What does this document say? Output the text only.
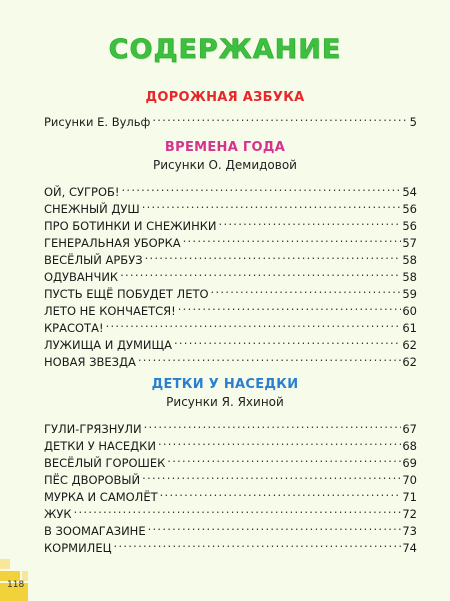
СОДЕРЖАНИЕ
ДОРОЖНАЯ АЗБУКА
Рисунки Е. Вульф . . .	5
ВРЕМЕНА ГОДА
Рисунки О. Демидовой
ОЙ, СУГРОБ! . . .	54
СНЕЖНЫЙ ДУШ . . .	56
ПРО БОТИНКИ И СНЕЖИНКИ . . .	56
ГЕНЕРАЛЬНАЯ УБОРКА . . .	57
ВЕСЁЛЫЙ АРБУЗ . . .	58
ОДУВАНЧИК . . .	58
ПУСТЬ ЕЩЁ ПОБУДЕТ ЛЕТО . . .	59
ЛЕТО НЕ КОНЧАЕТСЯ! . . .	60
КРАСОТА! . . .	61
ЛУЖИЩА И ДУМИЩА . . .	62
НОВАЯ ЗВЕЗДА . . .	62
ДЕТКИ У НАСЕДКИ
Рисунки Я. Яхиной
ГУЛИ-ГРЯЗНУЛИ . . .	67
ДЕТКИ У НАСЕДКИ . . .	68
ВЕСЁЛЫЙ ГОРОШЕК . . .	69
ПЁС ДВОРОВЫЙ . . .	70
МУРКА И САМОЛЁТ . . .	71
ЖУК . . .	72
В ЗООМАГАЗИНЕ . . .	73
КОРМИЛЕЦ . . .	74
118
